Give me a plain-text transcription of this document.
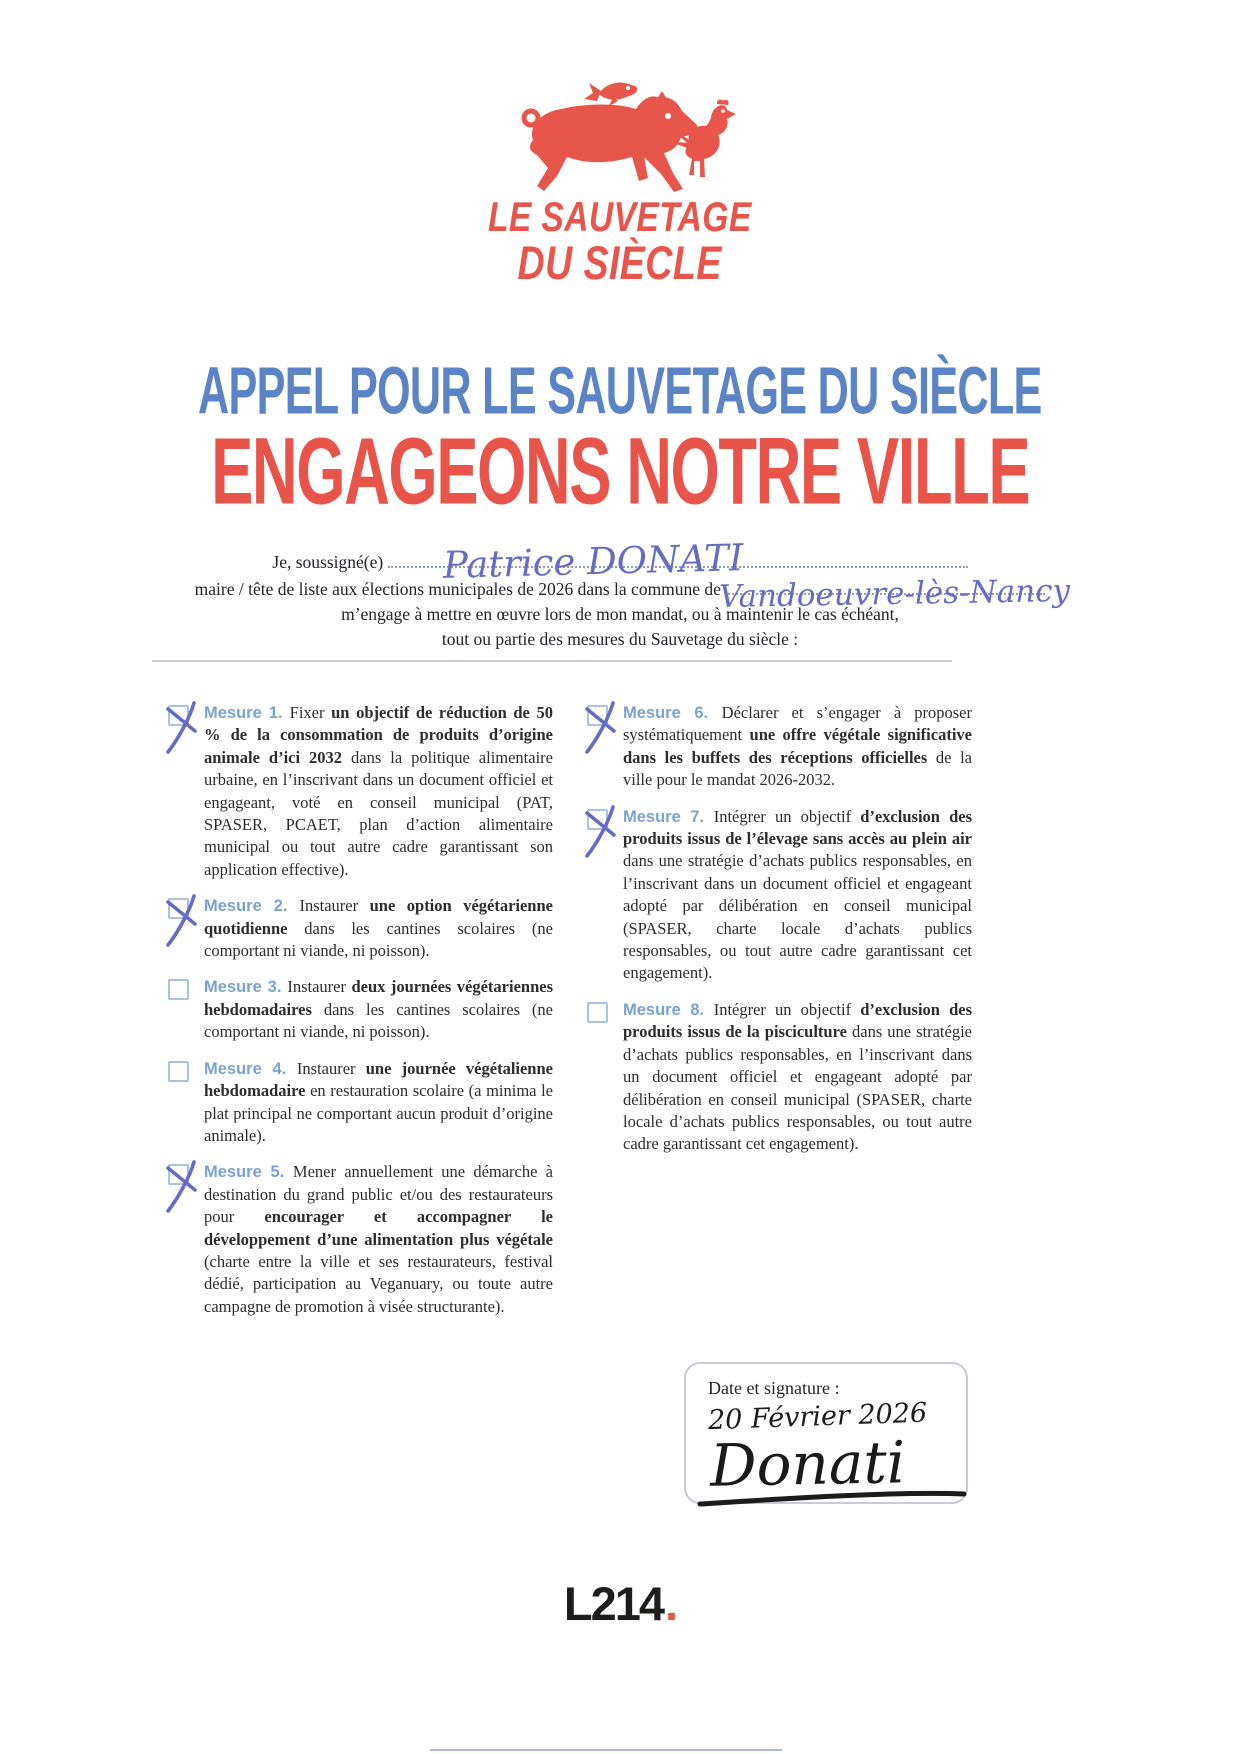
LE SAUVETAGE
DU SIÈCLE
APPEL POUR LE SAUVETAGE DU SIÈCLE
ENGAGEONS NOTRE VILLE
Je, soussigné(e) Patrice DONATI
maire / tête de liste aux élections municipales de 2026 dans la commune de
Vandoeuvre-lès-Nancy
m’engage à mettre en œuvre lors de mon mandat, ou à maintenir le cas échéant,
tout ou partie des mesures du Sauvetage du siècle :

Mesure 1. Fixer un objectif de réduction de 50 % de la consommation de produits d’origine animale d’ici 2032 dans la politique alimentaire urbaine, en l’inscrivant dans un document officiel et engageant, voté en conseil municipal (PAT, SPASER, PCAET, plan d’action alimentaire municipal ou tout autre cadre garantissant son application effective).

Mesure 2. Instaurer une option végétarienne quotidienne dans les cantines scolaires (ne comportant ni viande, ni poisson).

Mesure 3. Instaurer deux journées végétariennes hebdomadaires dans les cantines scolaires (ne comportant ni viande, ni poisson).

Mesure 4. Instaurer une journée végétalienne hebdomadaire en restauration scolaire (a minima le plat principal ne comportant aucun produit d’origine animale).

Mesure 5. Mener annuellement une démarche à destination du grand public et/ou des restaurateurs pour encourager et accompagner le développement d’une alimentation plus végétale (charte entre la ville et ses restaurateurs, festival dédié, participation au Veganuary, ou toute autre campagne de promotion à visée structurante).

Mesure 6. Déclarer et s’engager à proposer systématiquement une offre végétale significative dans les buffets des réceptions officielles de la ville pour le mandat 2026-2032.

Mesure 7. Intégrer un objectif d’exclusion des produits issus de l’élevage sans accès au plein air dans une stratégie d’achats publics responsables, en l’inscrivant dans un document officiel et engageant adopté par délibération en conseil municipal (SPASER, charte locale d’achats publics responsables, ou tout autre cadre garantissant cet engagement).

Mesure 8. Intégrer un objectif d’exclusion des produits issus de la pisciculture dans une stratégie d’achats publics responsables, en l’inscrivant dans un document officiel et engageant adopté par délibération en conseil municipal (SPASER, charte locale d’achats publics responsables, ou tout autre cadre garantissant cet engagement).

Date et signature :
20 Février 2026
Donati
L214.
